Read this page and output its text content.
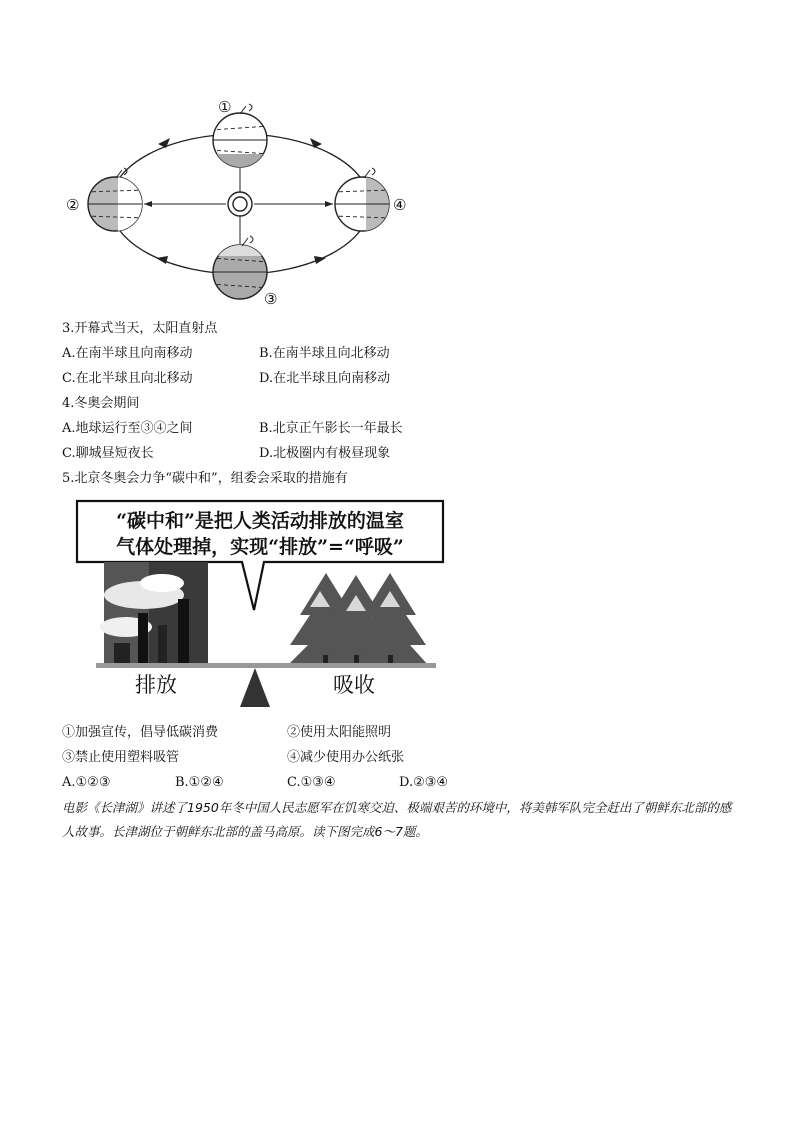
①
②
③
④
3.开幕式当天，太阳直射点
A.在南半球且向南移动	B.在南半球且向北移动
C.在北半球且向北移动	D.在北半球且向南移动
4.冬奥会期间
A.地球运行至③④之间	B.北京正午影长一年最长
C.聊城昼短夜长	D.北极圈内有极昼现象
5.北京冬奥会力争“碳中和”，组委会采取的措施有
“碳中和”是把人类活动排放的温室
气体处理掉，实现“排放”=“呼吸”
排放	吸收
①加强宣传，倡导低碳消费	②使用太阳能照明
③禁止使用塑料吸管	④减少使用办公纸张
A.①②③	B.①②④	C.①③④	D.②③④
电影《长津湖》讲述了1950年冬中国人民志愿军在饥寒交迫、极端艰苦的环境中，将美韩军队完全赶出了朝鲜东北部的感人故事。长津湖位于朝鲜东北部的盖马高原。读下图完成6～7题。
